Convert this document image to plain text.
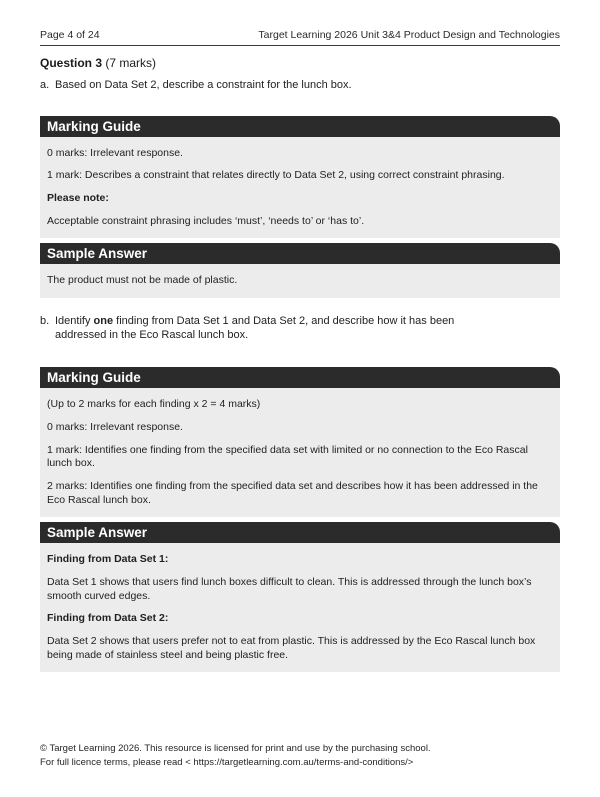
Page 4 of 24	Target Learning 2026 Unit 3&4 Product Design and Technologies
Question 3 (7 marks)
a. Based on Data Set 2, describe a constraint for the lunch box.
Marking Guide

0 marks: Irrelevant response.

1 mark: Describes a constraint that relates directly to Data Set 2, using correct constraint phrasing.

Please note:

Acceptable constraint phrasing includes ‘must’, ‘needs to’ or ‘has to’.

Sample Answer

The product must not be made of plastic.

b. Identify one finding from Data Set 1 and Data Set 2, and describe how it has been addressed in the Eco Rascal lunch box.
Marking Guide

(Up to 2 marks for each finding x 2 = 4 marks)

0 marks: Irrelevant response.

1 mark: Identifies one finding from the specified data set with limited or no connection to the Eco Rascal lunch box.

2 marks: Identifies one finding from the specified data set and describes how it has been addressed in the Eco Rascal lunch box.

Sample Answer

Finding from Data Set 1:

Data Set 1 shows that users find lunch boxes difficult to clean. This is addressed through the lunch box’s smooth curved edges.

Finding from Data Set 2:

Data Set 2 shows that users prefer not to eat from plastic. This is addressed by the Eco Rascal lunch box being made of stainless steel and being plastic free.

© Target Learning 2026. This resource is licensed for print and use by the purchasing school.
For full licence terms, please read < https://targetlearning.com.au/terms-and-conditions/>
